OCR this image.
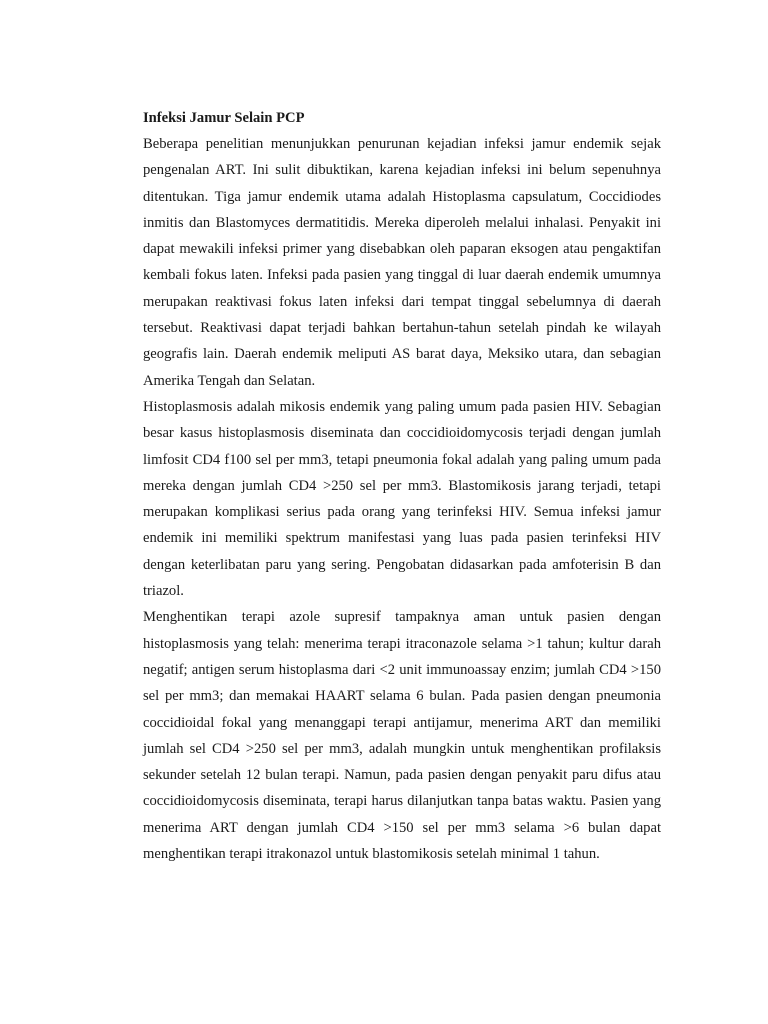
Infeksi Jamur Selain PCP

Beberapa penelitian menunjukkan penurunan kejadian infeksi jamur endemik sejak pengenalan ART. Ini sulit dibuktikan, karena kejadian infeksi ini belum sepenuhnya ditentukan. Tiga jamur endemik utama adalah Histoplasma capsulatum, Coccidiodes inmitis dan Blastomyces dermatitidis. Mereka diperoleh melalui inhalasi. Penyakit ini dapat mewakili infeksi primer yang disebabkan oleh paparan eksogen atau pengaktifan kembali fokus laten. Infeksi pada pasien yang tinggal di luar daerah endemik umumnya merupakan reaktivasi fokus laten infeksi dari tempat tinggal sebelumnya di daerah tersebut. Reaktivasi dapat terjadi bahkan bertahun-tahun setelah pindah ke wilayah geografis lain. Daerah endemik meliputi AS barat daya, Meksiko utara, dan sebagian Amerika Tengah dan Selatan.

Histoplasmosis adalah mikosis endemik yang paling umum pada pasien HIV. Sebagian besar kasus histoplasmosis diseminata dan coccidioidomycosis terjadi dengan jumlah limfosit CD4 f100 sel per mm3, tetapi pneumonia fokal adalah yang paling umum pada mereka dengan jumlah CD4 >250 sel per mm3. Blastomikosis jarang terjadi, tetapi merupakan komplikasi serius pada orang yang terinfeksi HIV. Semua infeksi jamur endemik ini memiliki spektrum manifestasi yang luas pada pasien terinfeksi HIV dengan keterlibatan paru yang sering. Pengobatan didasarkan pada amfoterisin B dan triazol.

Menghentikan terapi azole supresif tampaknya aman untuk pasien dengan histoplasmosis yang telah: menerima terapi itraconazole selama >1 tahun; kultur darah negatif; antigen serum histoplasma dari <2 unit immunoassay enzim; jumlah CD4 >150 sel per mm3; dan memakai HAART selama 6 bulan. Pada pasien dengan pneumonia coccidioidal fokal yang menanggapi terapi antijamur, menerima ART dan memiliki jumlah sel CD4 >250 sel per mm3, adalah mungkin untuk menghentikan profilaksis sekunder setelah 12 bulan terapi. Namun, pada pasien dengan penyakit paru difus atau coccidioidomycosis diseminata, terapi harus dilanjutkan tanpa batas waktu. Pasien yang menerima ART dengan jumlah CD4 >150 sel per mm3 selama >6 bulan dapat menghentikan terapi itrakonazol untuk blastomikosis setelah minimal 1 tahun.
